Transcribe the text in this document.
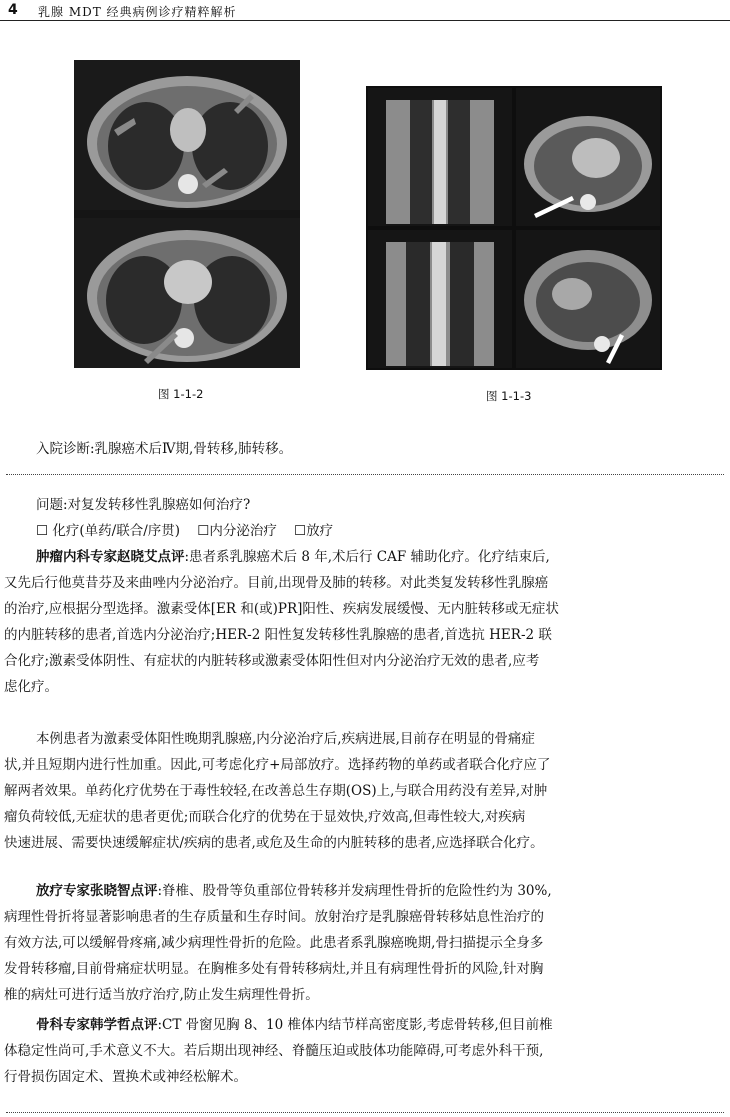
4 乳腺 MDT 经典病例诊疗精粹解析
图 1-1-2	图 1-1-3
入院诊断:乳腺癌术后Ⅳ期,骨转移,肺转移。
问题:对复发转移性乳腺癌如何治疗?
☐ 化疗(单药/联合/序贯) ☐内分泌治疗 ☐放疗
肿瘤内科专家赵晓艾点评:患者系乳腺癌术后 8 年,术后行 CAF 辅助化疗。化疗结束后,
又先后行他莫昔芬及来曲唑内分泌治疗。目前,出现骨及肺的转移。对此类复发转移性乳腺癌
的治疗,应根据分型选择。激素受体[ER 和(或)PR]阳性、疾病发展缓慢、无内脏转移或无症状
的内脏转移的患者,首选内分泌治疗;HER-2 阳性复发转移性乳腺癌的患者,首选抗 HER-2 联
合化疗;激素受体阴性、有症状的内脏转移或激素受体阳性但对内分泌治疗无效的患者,应考
虑化疗。
本例患者为激素受体阳性晚期乳腺癌,内分泌治疗后,疾病进展,目前存在明显的骨痛症
状,并且短期内进行性加重。因此,可考虑化疗+局部放疗。选择药物的单药或者联合化疗应了
解两者效果。单药化疗优势在于毒性较轻,在改善总生存期(OS)上,与联合用药没有差异,对肿
瘤负荷较低,无症状的患者更优;而联合化疗的优势在于显效快,疗效高,但毒性较大,对疾病
快速进展、需要快速缓解症状/疾病的患者,或危及生命的内脏转移的患者,应选择联合化疗。
放疗专家张晓智点评:脊椎、股骨等负重部位骨转移并发病理性骨折的危险性约为 30%,
病理性骨折将显著影响患者的生存质量和生存时间。放射治疗是乳腺癌骨转移姑息性治疗的
有效方法,可以缓解骨疼痛,减少病理性骨折的危险。此患者系乳腺癌晚期,骨扫描提示全身多
发骨转移瘤,目前骨痛症状明显。在胸椎多处有骨转移病灶,并且有病理性骨折的风险,针对胸
椎的病灶可进行适当放疗治疗,防止发生病理性骨折。
骨科专家韩学哲点评:CT 骨窗见胸 8、10 椎体内结节样高密度影,考虑骨转移,但目前椎
体稳定性尚可,手术意义不大。若后期出现神经、脊髓压迫或肢体功能障碍,可考虑外科干预,
行骨损伤固定术、置换术或神经松解术。
